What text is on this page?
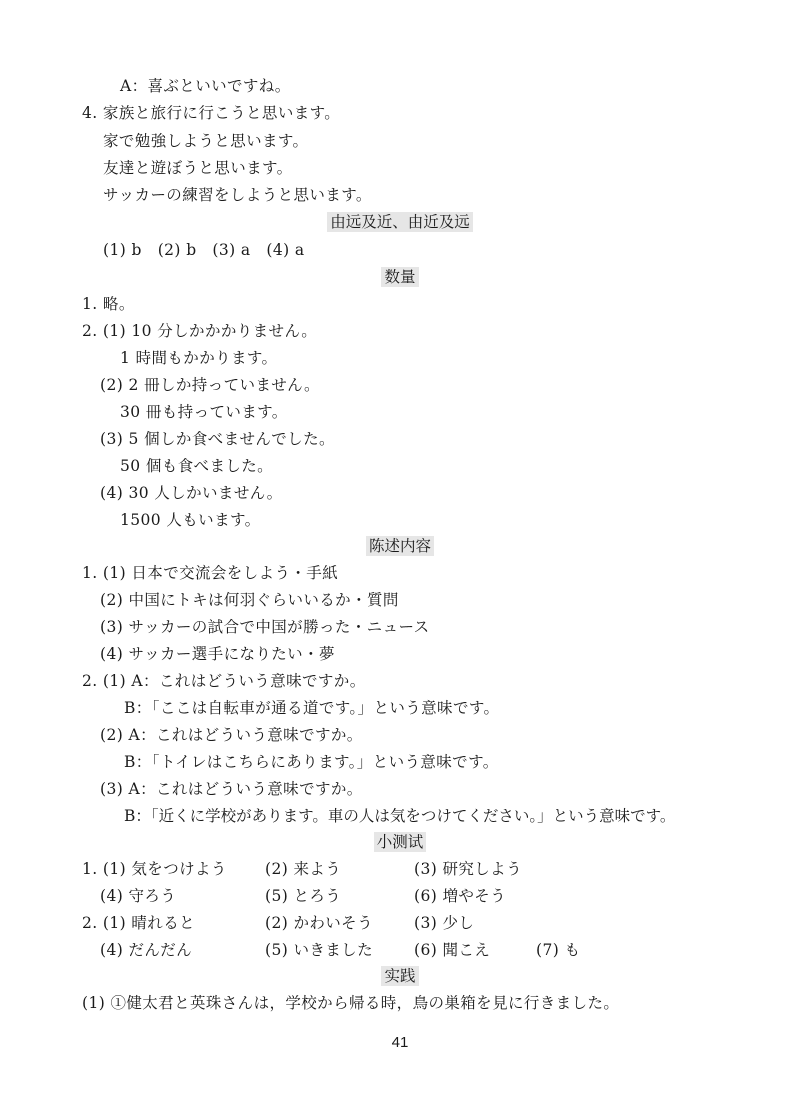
A：喜ぶといいですね。
4. 家族と旅行に行こうと思います。
家で勉強しようと思います。
友達と遊ぼうと思います。
サッカーの練習をしようと思います。
由远及近、由近及远
(1) b　(2) b　(3) a　(4) a
数量
1. 略。
2. (1) 10 分しかかかりません。
1 時間もかかります。
(2) 2 冊しか持っていません。
30 冊も持っています。
(3) 5 個しか食べませんでした。
50 個も食べました。
(4) 30 人しかいません。
1500 人もいます。
陈述内容
1. (1) 日本で交流会をしよう・手紙
(2) 中国にトキは何羽ぐらいいるか・質問
(3) サッカーの試合で中国が勝った・ニュース
(4) サッカー選手になりたい・夢
2. (1) A：これはどういう意味ですか。
B：「ここは自転車が通る道です。」という意味です。
(2) A：これはどういう意味ですか。
B：「トイレはこちらにあります。」という意味です。
(3) A：これはどういう意味ですか。
B：「近くに学校があります。車の人は気をつけてください。」という意味です。
小测试
1. (1) 気をつけよう (2) 来よう	(3) 研究しよう
(4) 守ろう	(5) とろう	(6) 増やそう
2. (1) 晴れると	(2) かわいそう	(3) 少し
(4) だんだん	(5) いきました	(6) 聞こえ	(7) も
实践
(1) ①健太君と英珠さんは，学校から帰る時，鳥の巣箱を見に行きました。
41
